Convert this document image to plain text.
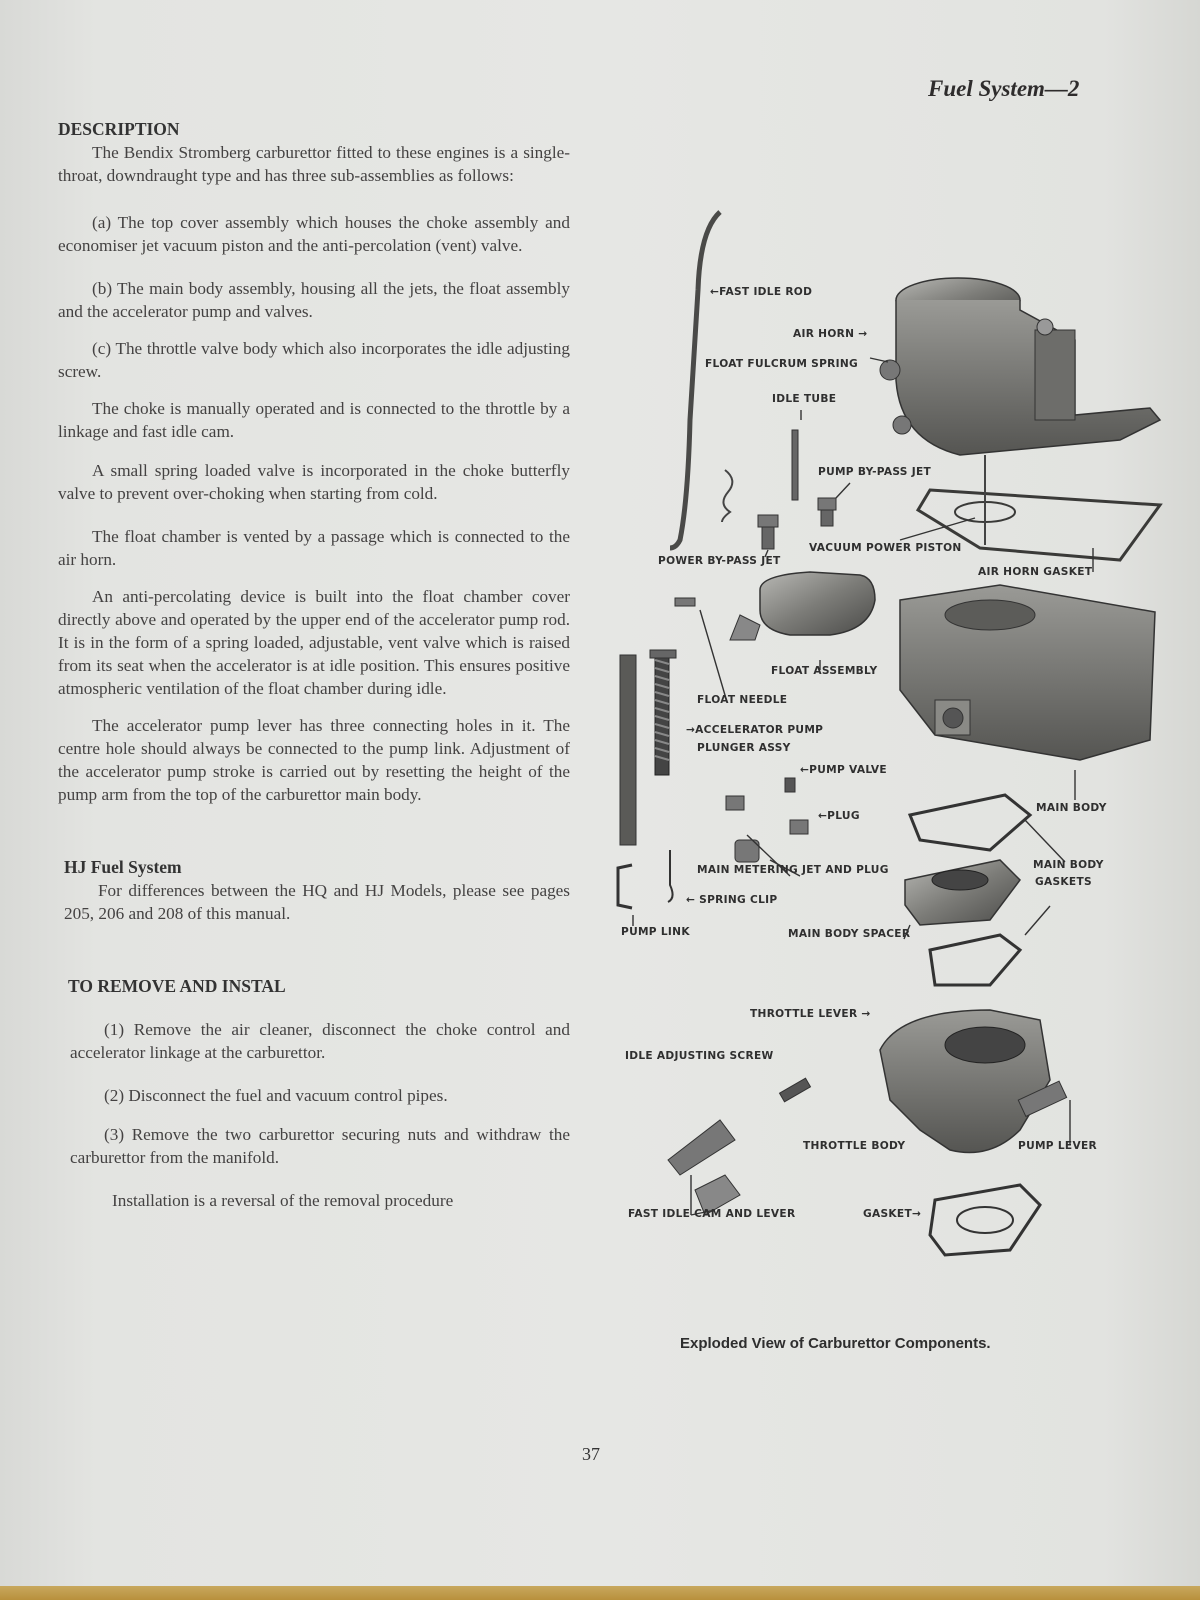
Fuel System—2

DESCRIPTION

The Bendix Stromberg carburettor fitted to these engines is a single-throat, downdraught type and has three sub-assemblies as follows:

(a) The top cover assembly which houses the choke assembly and economiser jet vacuum piston and the anti-percolation (vent) valve.

(b) The main body assembly, housing all the jets, the float assembly and the accelerator pump and valves.

(c) The throttle valve body which also incorporates the idle adjusting screw.

The choke is manually operated and is connected to the throttle by a linkage and fast idle cam.

A small spring loaded valve is incorporated in the choke butterfly valve to prevent over-choking when starting from cold.

The float chamber is vented by a passage which is connected to the air horn.

An anti-percolating device is built into the float chamber cover directly above and operated by the upper end of the accelerator pump rod. It is in the form of a spring loaded, adjustable, vent valve which is raised from its seat when the accelerator is at idle position. This ensures positive atmospheric ventilation of the float chamber during idle.

The accelerator pump lever has three connecting holes in it. The centre hole should always be connected to the pump link. Adjustment of the accelerator pump stroke is carried out by resetting the height of the pump arm from the top of the carburettor main body.

HJ Fuel System

For differences between the HQ and HJ Models, please see pages 205, 206 and 208 of this manual.

TO REMOVE AND INSTAL

(1) Remove the air cleaner, disconnect the choke control and accelerator linkage at the carburettor.

(2) Disconnect the fuel and vacuum control pipes.

(3) Remove the two carburettor securing nuts and withdraw the carburettor from the manifold.

Installation is a reversal of the removal procedure

37
←FAST IDLE ROD
AIR HORN →
FLOAT FULCRUM SPRING
IDLE TUBE
PUMP BY-PASS JET
VACUUM POWER PISTON
POWER BY-PASS JET
AIR HORN GASKET
FLOAT ASSEMBLY
FLOAT NEEDLE
→ACCELERATOR PUMP
PLUNGER ASSY
←PUMP VALVE
←PLUG
MAIN BODY
MAIN METERING JET AND PLUG	MAIN BODY
GASKETS
← SPRING CLIP
PUMP LINK	MAIN BODY SPACER
THROTTLE LEVER →
IDLE ADJUSTING SCREW
THROTTLE BODY	PUMP LEVER
FAST IDLE CAM AND LEVER	GASKET→
Exploded View of Carburettor Components.
